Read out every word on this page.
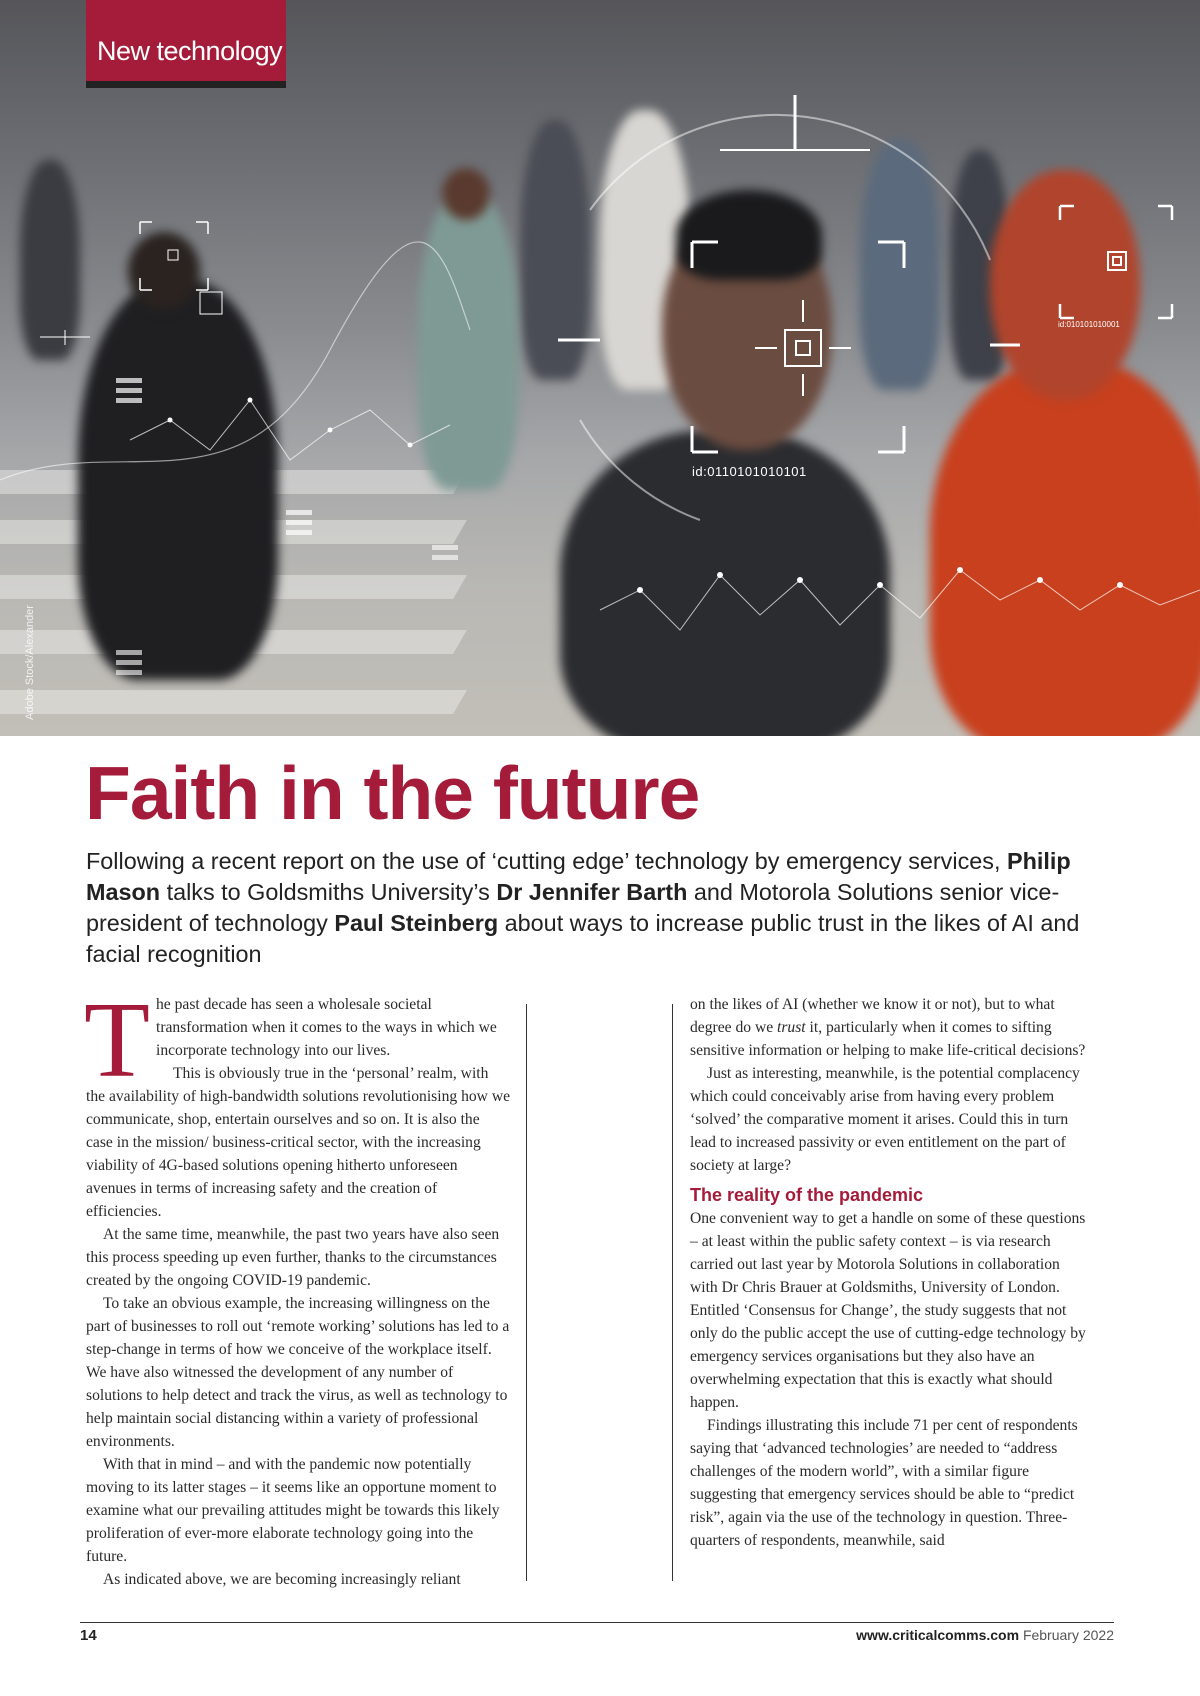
id:0110101010101
id:010101010001
Adobe Stock/Alexander
New technology
Faith in the future

Following a recent report on the use of ‘cutting edge’ technology by emergency services, Philip Mason talks to Goldsmiths University’s Dr Jennifer Barth and Motorola Solutions senior vice-president of technology Paul Steinberg about ways to increase public trust in the likes of AI and facial recognition

The past decade has seen a wholesale societal transformation when it comes to the ways in which we incorporate technology into our lives.

This is obviously true in the ‘personal’ realm, with the availability of high-bandwidth solutions revolutionising how we communicate, shop, entertain ourselves and so on. It is also the case in the mission/ business-critical sector, with the increasing viability of 4G-based solutions opening hitherto unforeseen avenues in terms of increasing safety and the creation of efficiencies.

At the same time, meanwhile, the past two years have also seen this process speeding up even further, thanks to the circumstances created by the ongoing COVID-19 pandemic.

To take an obvious example, the increasing willingness on the part of businesses to roll out ‘remote working’ solutions has led to a step-change in terms of how we conceive of the workplace itself. We have also witnessed the development of any number of solutions to help detect and track the virus, as well as technology to help maintain social distancing within a variety of professional environments.

With that in mind – and with the pandemic now potentially moving to its latter stages – it seems like an opportune moment to examine what our prevailing attitudes might be towards this likely proliferation of ever-more elaborate technology going into the future.

As indicated above, we are becoming increasingly reliant

on the likes of AI (whether we know it or not), but to what degree do we trust it, particularly when it comes to sifting sensitive information or helping to make life-critical decisions?

Just as interesting, meanwhile, is the potential complacency which could conceivably arise from having every problem ‘solved’ the comparative moment it arises. Could this in turn lead to increased passivity or even entitlement on the part of society at large?

The reality of the pandemic

One convenient way to get a handle on some of these questions – at least within the public safety context – is via research carried out last year by Motorola Solutions in collaboration with Dr Chris Brauer at Goldsmiths, University of London. Entitled ‘Consensus for Change’, the study suggests that not only do the public accept the use of cutting-edge technology by emergency services organisations but they also have an overwhelming expectation that this is exactly what should happen.

Findings illustrating this include 71 per cent of respondents saying that ‘advanced technologies’ are needed to “address challenges of the modern world”, with a similar figure suggesting that emergency services should be able to “predict risk”, again via the use of the technology in question. Three-quarters of respondents, meanwhile, said

14	www.criticalcomms.com February 2022
